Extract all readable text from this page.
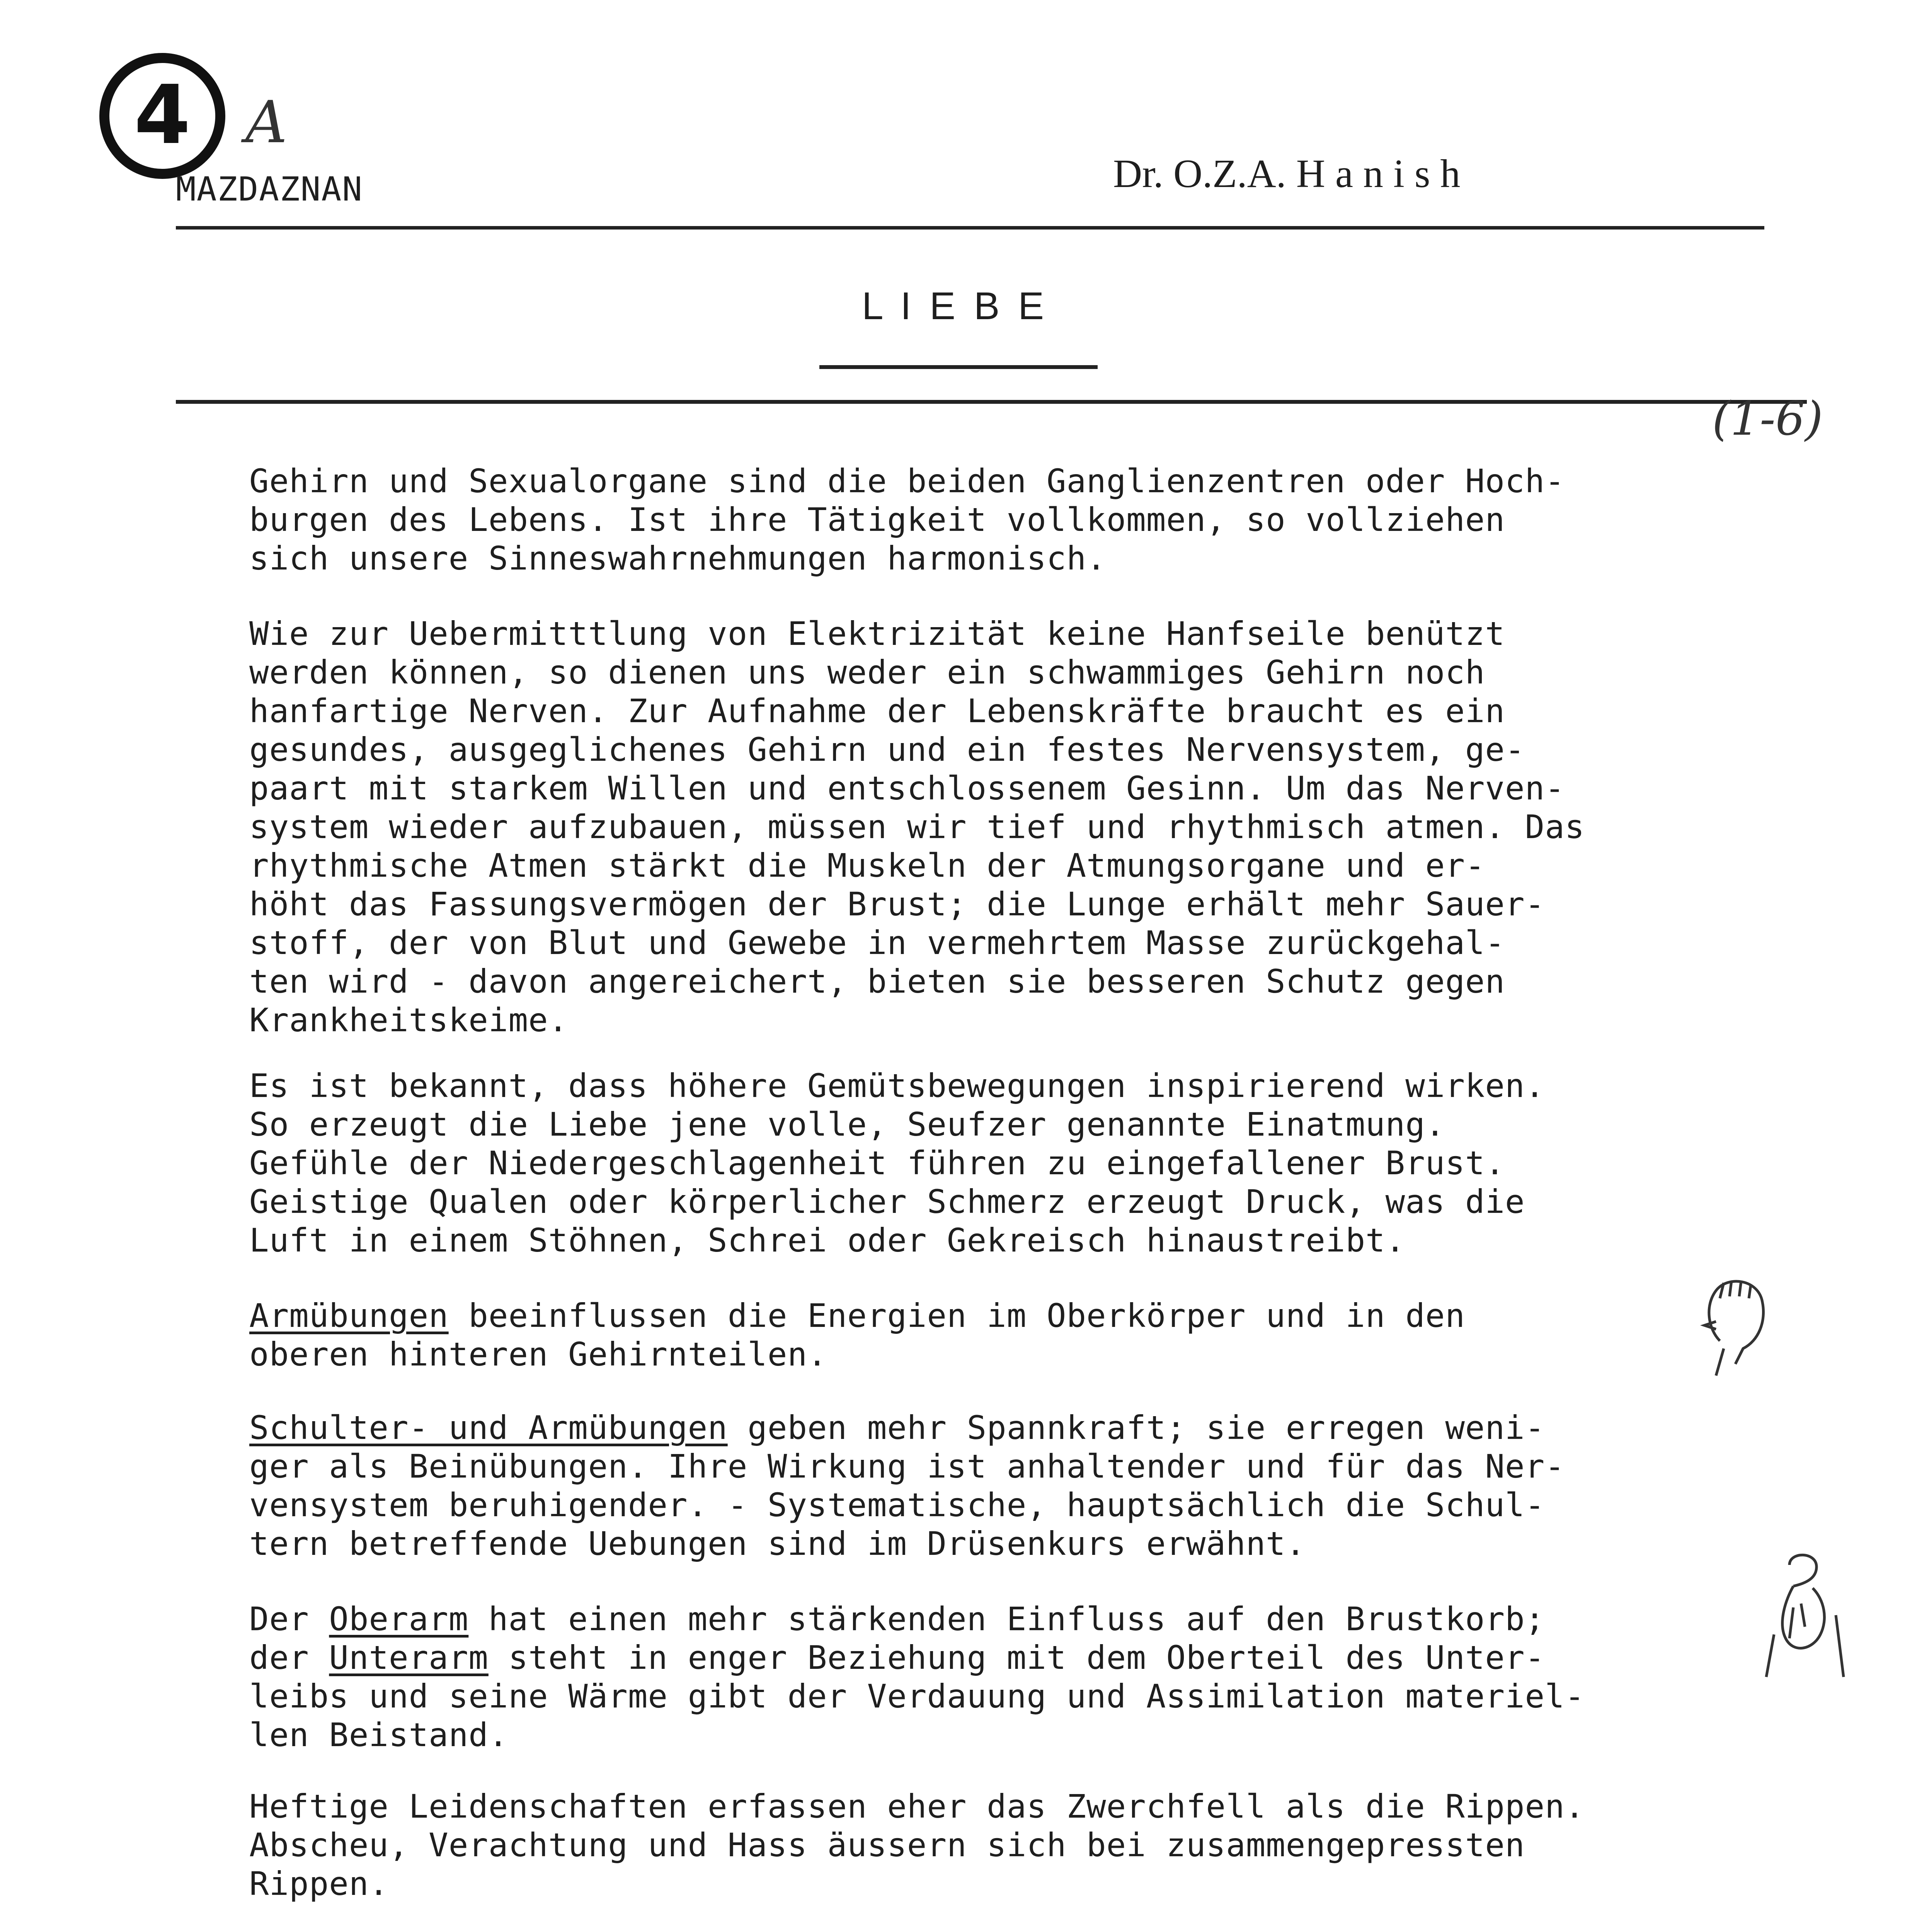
4 A
MAZDAZNAN	Dr. O.Z.A. H a n i s h
L I E B E
(1-6)
Gehirn und Sexualorgane sind die beiden Ganglienzentren oder Hoch-
burgen des Lebens. Ist ihre Tätigkeit vollkommen, so vollziehen
sich unsere Sinneswahrnehmungen harmonisch.
Wie zur Uebermitttlung von Elektrizität keine Hanfseile benützt
werden können, so dienen uns weder ein schwammiges Gehirn noch
hanfartige Nerven. Zur Aufnahme der Lebenskräfte braucht es ein
gesundes, ausgeglichenes Gehirn und ein festes Nervensystem, ge-
paart mit starkem Willen und entschlossenem Gesinn. Um das Nerven-
system wieder aufzubauen, müssen wir tief und rhythmisch atmen. Das
rhythmische Atmen stärkt die Muskeln der Atmungsorgane und er-
höht das Fassungsvermögen der Brust; die Lunge erhält mehr Sauer-
stoff, der von Blut und Gewebe in vermehrtem Masse zurückgehal-
ten wird - davon angereichert, bieten sie besseren Schutz gegen
Krankheitskeime.
Es ist bekannt, dass höhere Gemütsbewegungen inspirierend wirken.
So erzeugt die Liebe jene volle, Seufzer genannte Einatmung.
Gefühle der Niedergeschlagenheit führen zu eingefallener Brust.
Geistige Qualen oder körperlicher Schmerz erzeugt Druck, was die
Luft in einem Stöhnen, Schrei oder Gekreisch hinaustreibt.
Armübungen beeinflussen die Energien im Oberkörper und in den
oberen hinteren Gehirnteilen.
Schulter- und Armübungen geben mehr Spannkraft; sie erregen weni-
ger als Beinübungen. Ihre Wirkung ist anhaltender und für das Ner-
vensystem beruhigender. - Systematische, hauptsächlich die Schul-
tern betreffende Uebungen sind im Drüsenkurs erwähnt.
Der Oberarm hat einen mehr stärkenden Einfluss auf den Brustkorb;
der Unterarm steht in enger Beziehung mit dem Oberteil des Unter-
leibs und seine Wärme gibt der Verdauung und Assimilation materiel-
len Beistand.
Heftige Leidenschaften erfassen eher das Zwerchfell als die Rippen.
Abscheu, Verachtung und Hass äussern sich bei zusammengepressten
Rippen.
